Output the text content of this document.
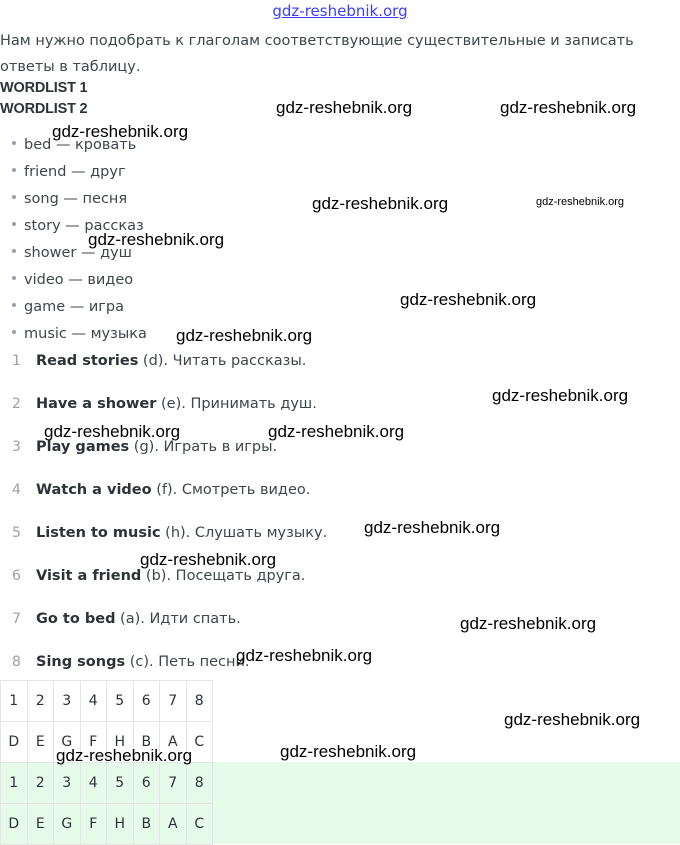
gdz-reshebnik.org
Нам нужно подобрать к глаголам соответствующие существительные и записать ответы в таблицу.
WORDLIST 1
WORDLIST 2
bed — кровать
friend — друг
song — песня
story — рассказ
shower — душ
video — видео
game — игра
music — музыка
1 Read stories (d). Читать рассказы.
2 Have a shower (e). Принимать душ.
3 Play games (g). Играть в игры.
4 Watch a video (f). Смотреть видео.
5 Listen to music (h). Слушать музыку.
6 Visit a friend (b). Посещать друга.
7 Go to bed (a). Идти спать.
8 Sing songs (c). Петь песни.
1	2	3	4	5	6	7	8
D	E	G	F	H	B	A	C
1	2	3	4	5	6	7	8
D	E	G	F	H	B	A	C
gdz-reshebnik.org	gdz-reshebnik.org
gdz-reshebnik.org
gdz-reshebnik.org	gdz-reshebnik.org
gdz-reshebnik.org
gdz-reshebnik.org
gdz-reshebnik.org
gdz-reshebnik.org
gdz-reshebnik.org	gdz-reshebnik.org
gdz-reshebnik.org
gdz-reshebnik.org
gdz-reshebnik.org
gdz-reshebnik.org
gdz-reshebnik.org
gdz-reshebnik.org
gdz-reshebnik.org
